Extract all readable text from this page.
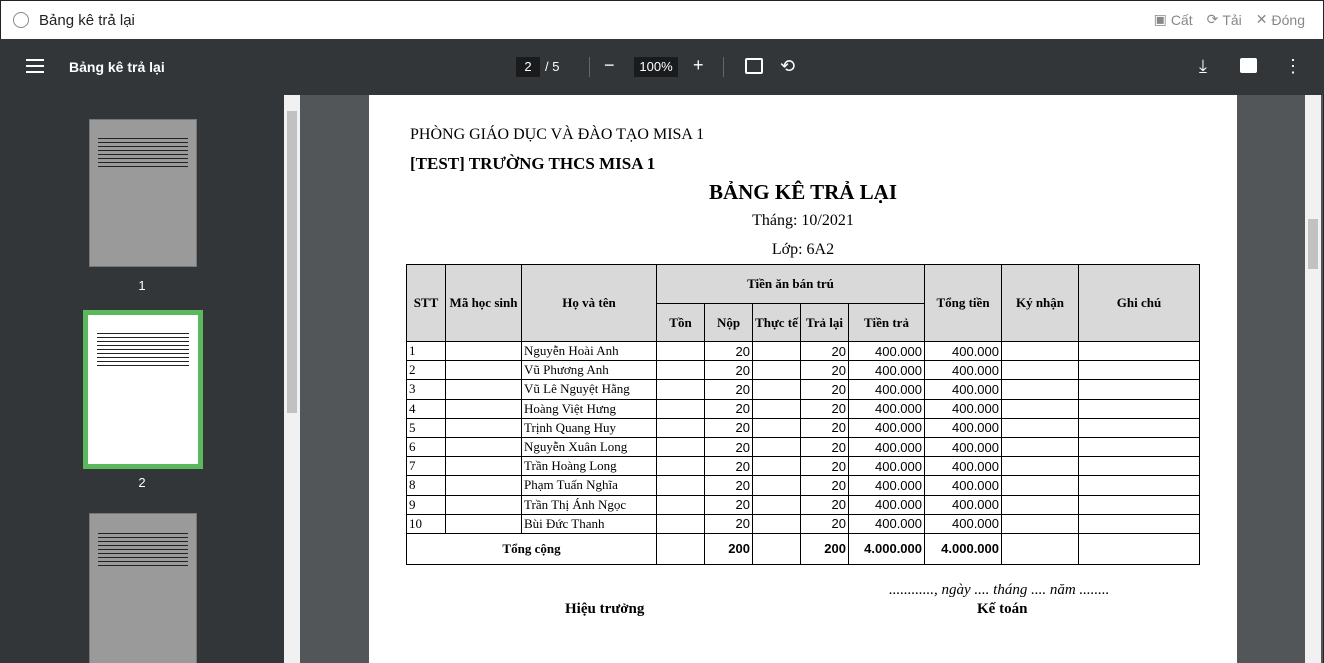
Bảng kê trả lại	▣ Cất ⟳ Tải ✕ Đóng
Bảng kê trả lại	2	/ 5 −	100% +	⟲	⤓	⋮
1
2
PHÒNG GIÁO DỤC VÀ ĐÀO TẠO MISA 1
[TEST] TRƯỜNG THCS MISA 1
BẢNG KÊ TRẢ LẠI
Tháng: 10/2021
Lớp: 6A2
STT	Mã học sinh	Họ và tên	Tiền ăn bán trú					Tổng tiền	Ký nhận	Ghi chú
			Tồn	Nộp	Thực tế	Trả lại	Tiền trả			
1		Nguyễn Hoài Anh		20		20	400.000	400.000		
2		Vũ Phương Anh		20		20	400.000	400.000		
3		Vũ Lê Nguyệt Hằng		20		20	400.000	400.000		
4		Hoàng Việt Hưng		20		20	400.000	400.000		
5		Trịnh Quang Huy		20		20	400.000	400.000		
6		Nguyễn Xuân Long		20		20	400.000	400.000		
7		Trần Hoàng Long		20		20	400.000	400.000		
8		Phạm Tuấn Nghĩa		20		20	400.000	400.000		
9		Trần Thị Ánh Ngọc		20		20	400.000	400.000		
10		Bùi Đức Thanh		20		20	400.000	400.000		
Tổng cộng				200		200	4.000.000	4.000.000		
............, ngày .... tháng .... năm ........
Hiệu trưởng	Kế toán
